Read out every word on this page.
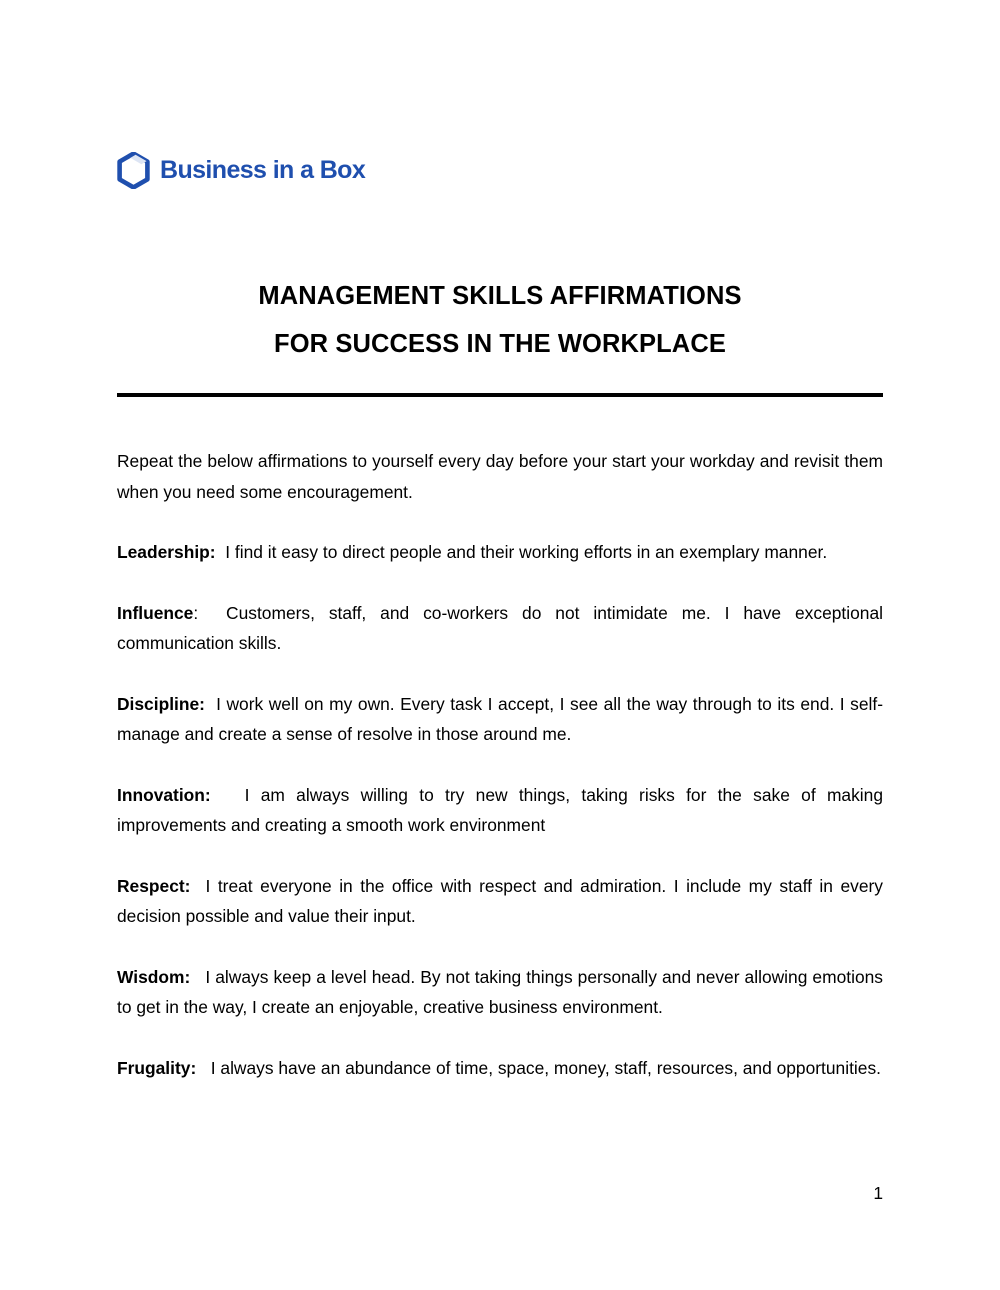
Business in a Box
MANAGEMENT SKILLS AFFIRMATIONS
FOR SUCCESS IN THE WORKPLACE

Repeat the below affirmations to yourself every day before your start your workday and revisit them when you need some encouragement.

Leadership: I find it easy to direct people and their working efforts in an exemplary manner.

Influence: Customers, staff, and co-workers do not intimidate me. I have exceptional communication skills.

Discipline: I work well on my own. Every task I accept, I see all the way through to its end. I self-manage and create a sense of resolve in those around me.

Innovation: I am always willing to try new things, taking risks for the sake of making improvements and creating a smooth work environment

Respect: I treat everyone in the office with respect and admiration. I include my staff in every decision possible and value their input.

Wisdom: I always keep a level head. By not taking things personally and never allowing emotions to get in the way, I create an enjoyable, creative business environment.

Frugality: I always have an abundance of time, space, money, staff, resources, and opportunities.

1
